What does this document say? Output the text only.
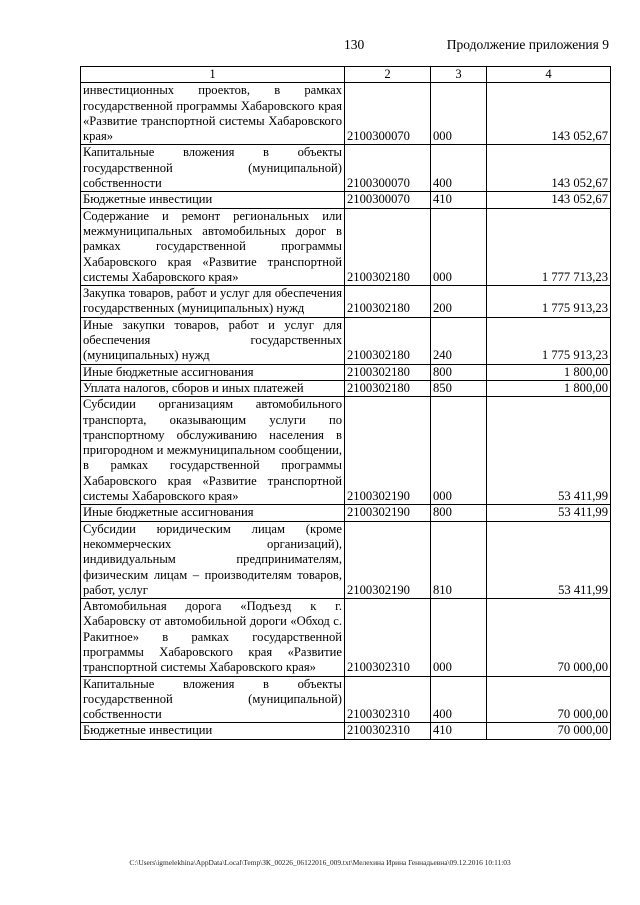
130	Продолжение приложения 9
1	2	3	4
инвестиционных проектов, в рамках государственной программы Хабаровского края «Развитие транспортной системы Хабаровского края»	2100300070	000	143 052,67
Капитальные вложения в объекты государственной (муниципальной) собственности	2100300070	400	143 052,67
Бюджетные инвестиции	2100300070	410	143 052,67
Содержание и ремонт региональных или межмуниципальных автомобильных дорог в рамках государственной программы Хабаровского края «Развитие транспортной системы Хабаровского края»	2100302180	000	1 777 713,23
Закупка товаров, работ и услуг для обеспечения государственных (муниципальных) нужд	2100302180	200	1 775 913,23
Иные закупки товаров, работ и услуг для обеспечения государственных (муниципальных) нужд	2100302180	240	1 775 913,23
Иные бюджетные ассигнования	2100302180	800	1 800,00
Уплата налогов, сборов и иных платежей	2100302180	850	1 800,00
Субсидии организациям автомобильного транспорта, оказывающим услуги по транспортному обслуживанию населения в пригородном и межмуниципальном сообщении, в рамках государственной программы Хабаровского края «Развитие транспортной системы Хабаровского края»	2100302190	000	53 411,99
Иные бюджетные ассигнования	2100302190	800	53 411,99
Субсидии юридическим лицам (кроме некоммерческих организаций), индивидуальным предпринимателям, физическим лицам – производителям товаров, работ, услуг	2100302190	810	53 411,99
Автомобильная дорога «Подъезд к г. Хабаровску от автомобильной дороги «Обход с. Ракитное» в рамках государственной программы Хабаровского края «Развитие транспортной системы Хабаровского края»	2100302310	000	70 000,00
Капитальные вложения в объекты государственной (муниципальной) собственности	2100302310	400	70 000,00
Бюджетные инвестиции	2100302310	410	70 000,00
C:\Users\igmelekhina\AppData\Local\Temp\ЗК_00226_06122016_009.txt\Мелехина Ирина Геннадьевна\09.12.2016 10:11:03
